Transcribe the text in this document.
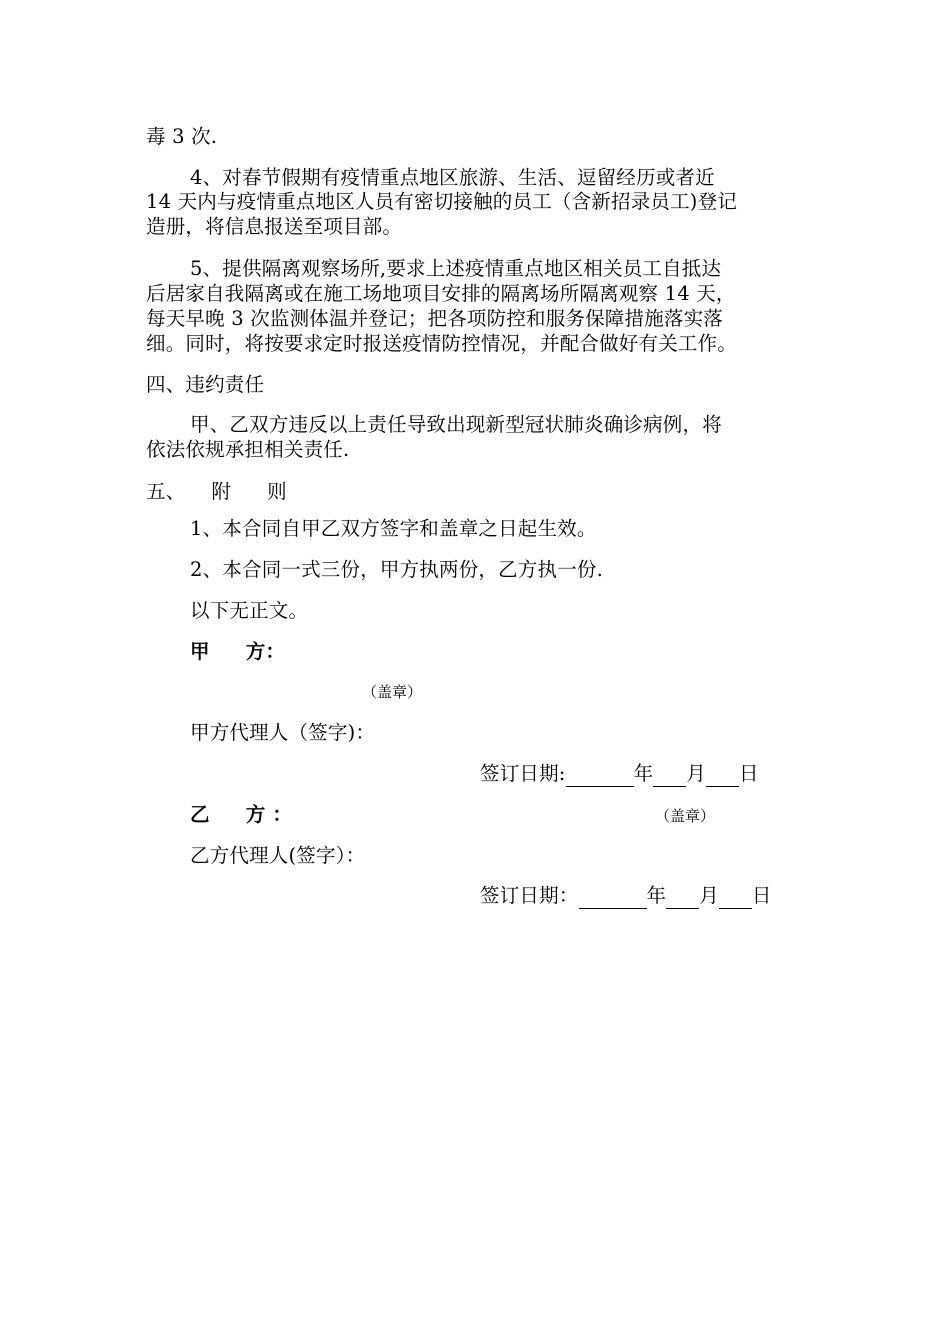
毒 3 次.
4、对春节假期有疫情重点地区旅游、生活、逗留经历或者近
14 天内与疫情重点地区人员有密切接触的员工（含新招录员工)登记
造册，将信息报送至项目部。
5、提供隔离观察场所,要求上述疫情重点地区相关员工自抵达
后居家自我隔离或在施工场地项目安排的隔离场所隔离观察 14 天，
每天早晚 3 次监测体温并登记；把各项防控和服务保障措施落实落
细。同时，将按要求定时报送疫情防控情况，并配合做好有关工作。
四、违约责任
甲、乙双方违反以上责任导致出现新型冠状肺炎确诊病例，将
依法依规承担相关责任.
五、 附 则
1、本合同自甲乙双方签字和盖章之日起生效。
2、本合同一式三份，甲方执两份，乙方执一份.
以下无正文。
甲 方：
（盖章）
甲方代理人（签字)：
签订日期:	年 月 日
乙 方 ：	（盖章）
乙方代理人(签字）：
签订日期：	年 月 日
